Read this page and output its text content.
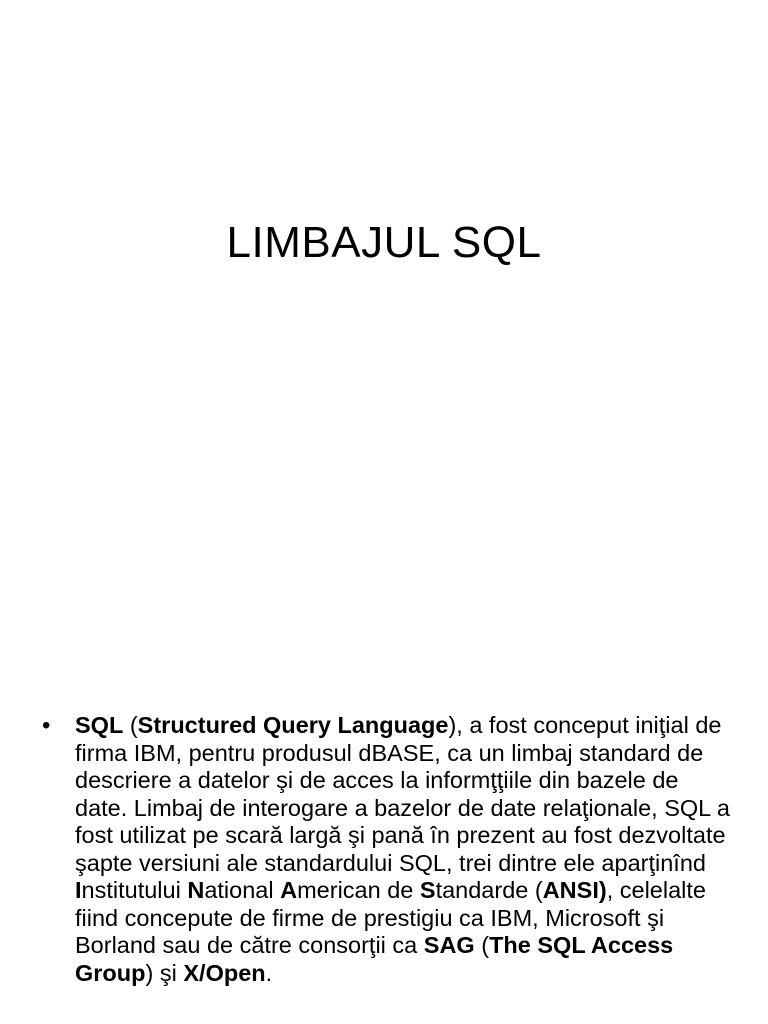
LIMBAJUL SQL
• SQL (Structured Query Language), a fost conceput iniţial de firma IBM, pentru produsul dBASE, ca un limbaj standard de descriere a datelor şi de acces la informţţiile din bazele de date. Limbaj de interogare a bazelor de date relaţionale, SQL a fost utilizat pe scară largă şi pană în prezent au fost dezvoltate şapte versiuni ale standardului SQL, trei dintre ele aparţinînd Institutului National American de Standarde (ANSI), celelalte fiind concepute de firme de prestigiu ca IBM, Microsoft şi Borland sau de către consorţii ca SAG (The SQL Access Group) şi X/Open.
